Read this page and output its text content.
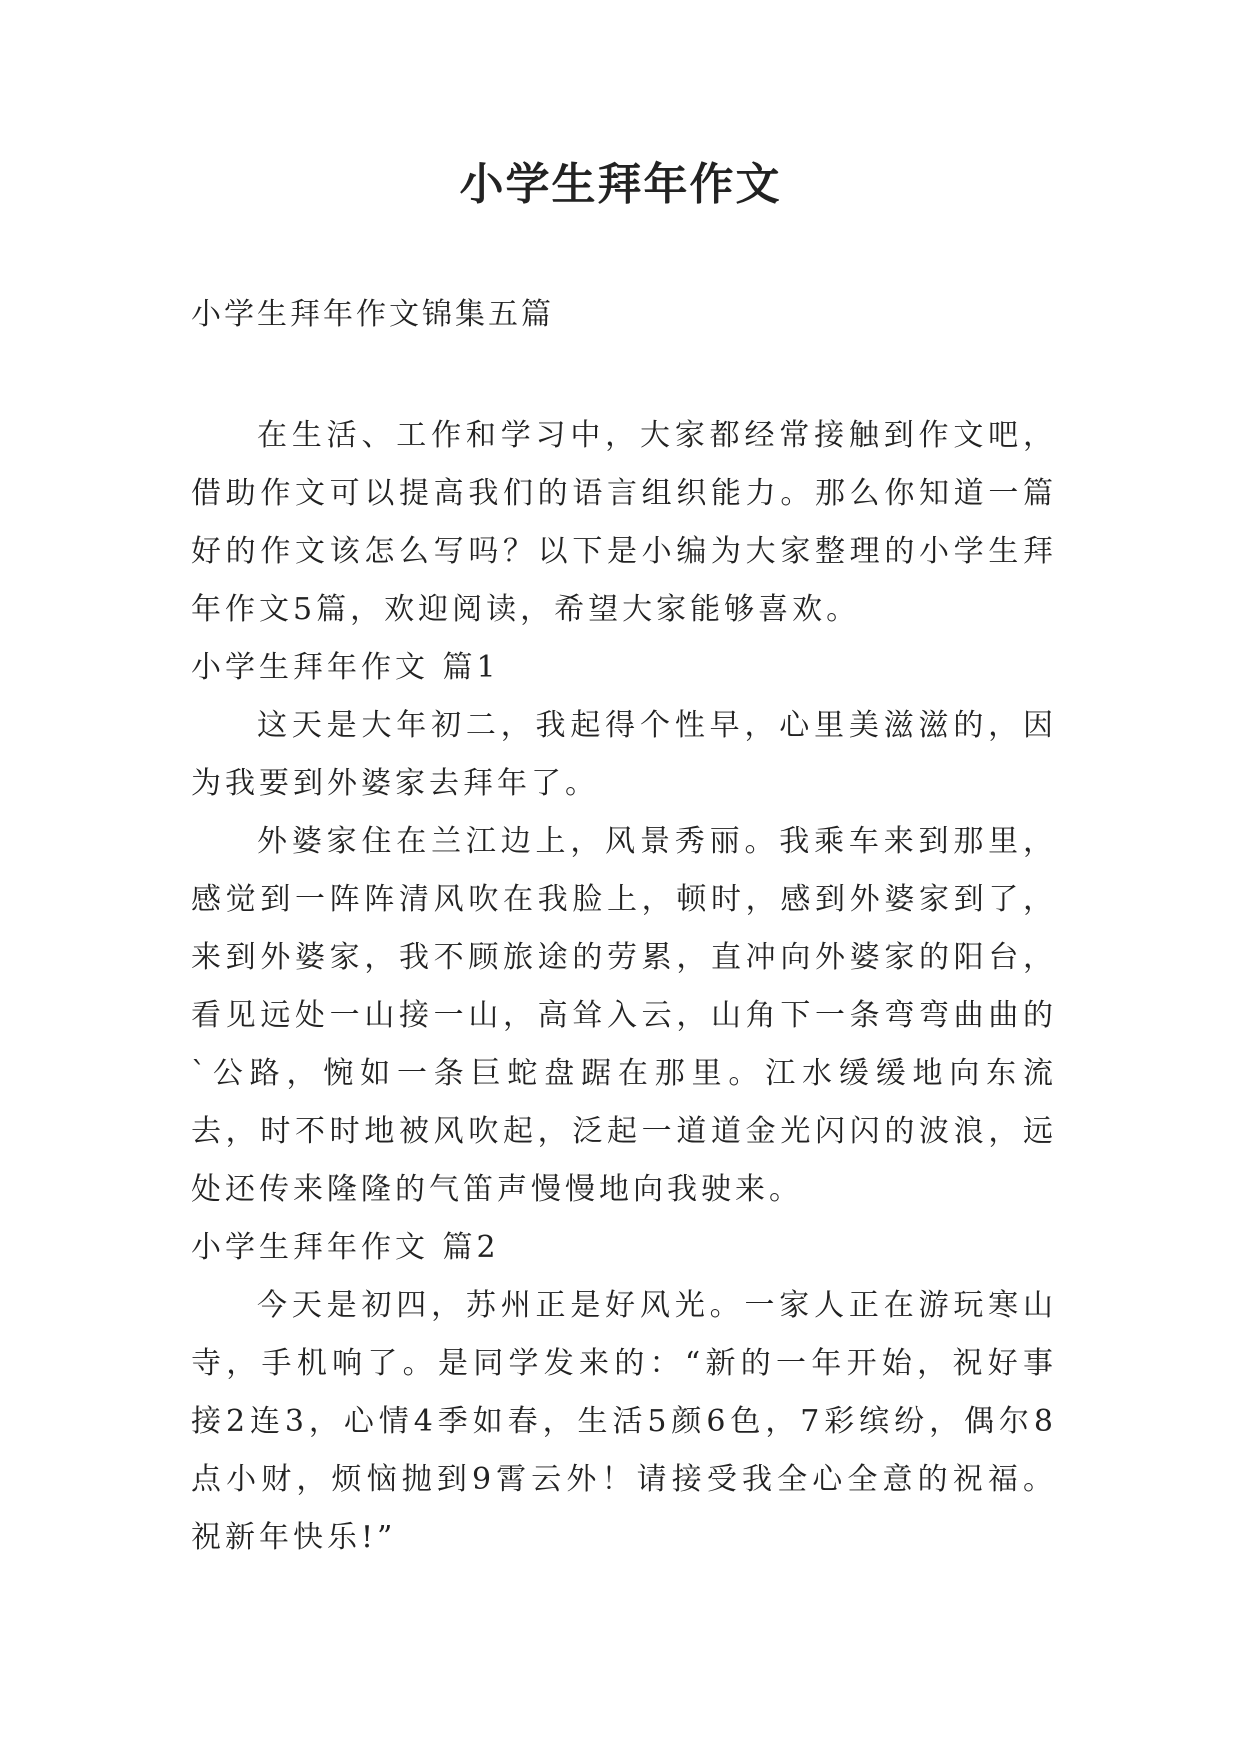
小学生拜年作文
小学生拜年作文锦集五篇

在生活、工作和学习中，大家都经常接触到作文吧，借助作文可以提高我们的语言组织能力。那么你知道一篇好的作文该怎么写吗？以下是小编为大家整理的小学生拜年作文5篇，欢迎阅读，希望大家能够喜欢。

小学生拜年作文 篇1

这天是大年初二，我起得个性早，心里美滋滋的，因为我要到外婆家去拜年了。

外婆家住在兰江边上，风景秀丽。我乘车来到那里，感觉到一阵阵清风吹在我脸上，顿时，感到外婆家到了，来到外婆家，我不顾旅途的劳累，直冲向外婆家的阳台，看见远处一山接一山，高耸入云，山角下一条弯弯曲曲的`公路，惋如一条巨蛇盘踞在那里。江水缓缓地向东流去，时不时地被风吹起，泛起一道道金光闪闪的波浪，远处还传来隆隆的气笛声慢慢地向我驶来。

小学生拜年作文 篇2

今天是初四，苏州正是好风光。一家人正在游玩寒山寺，手机响了。是同学发来的：“新的一年开始，祝好事接2连3，心情4季如春，生活5颜6色，7彩缤纷，偶尔8点小财，烦恼抛到9霄云外！请接受我全心全意的祝福。祝新年快乐!”
